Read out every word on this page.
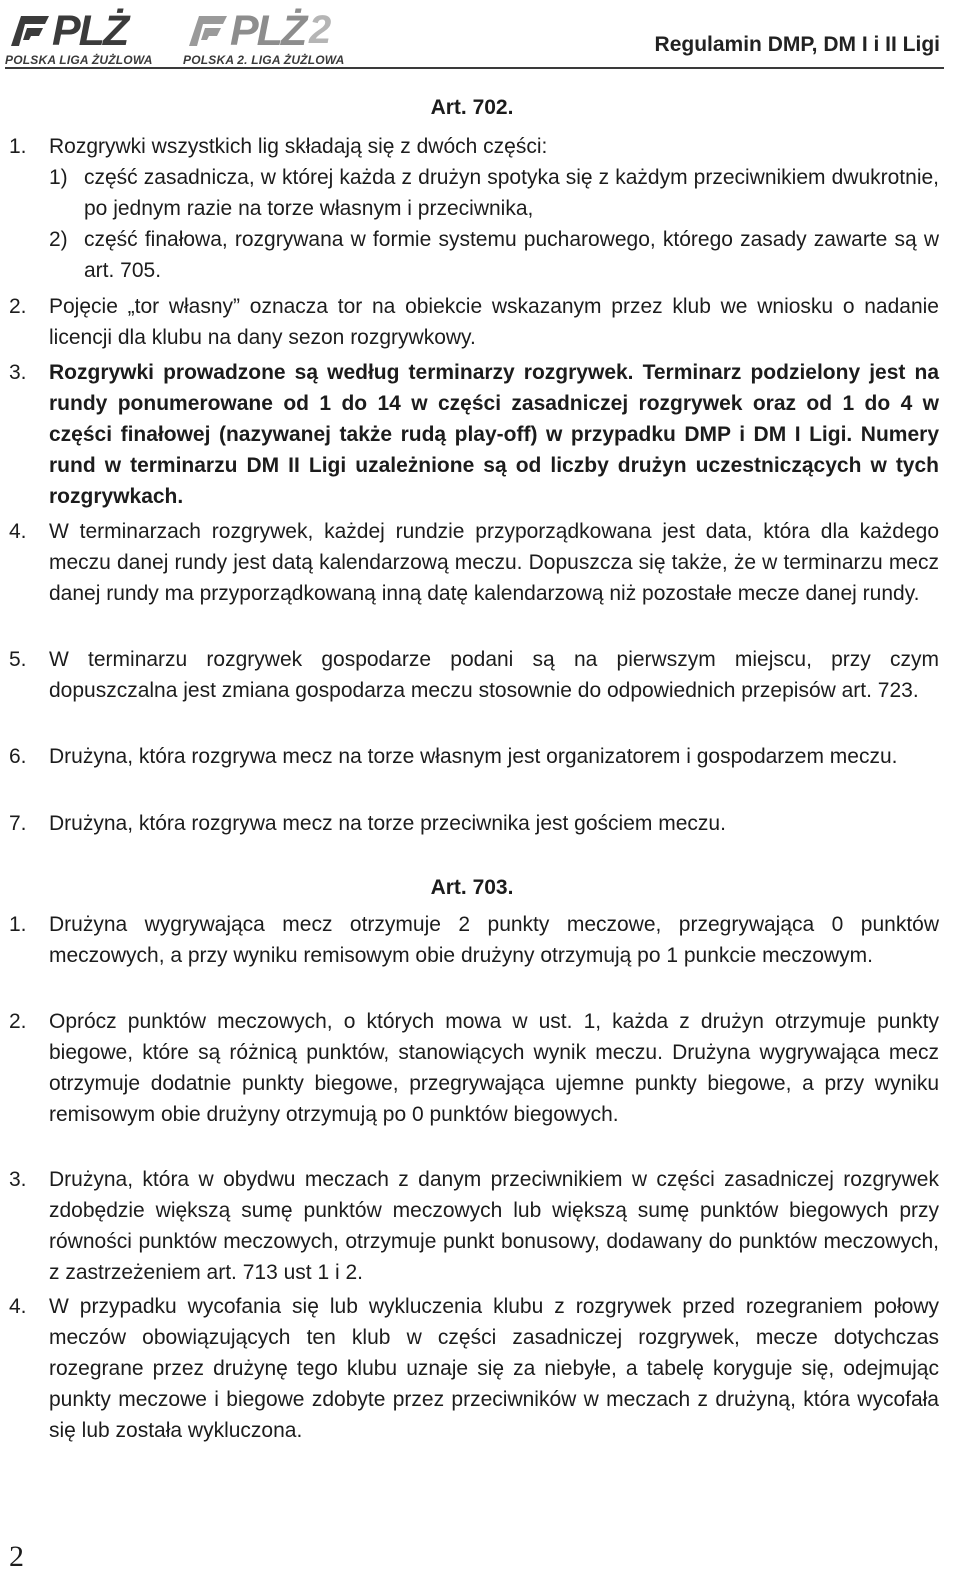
PLŻ
POLSKA LIGA ŻUŻLOWA
PLŻ 2
POLSKA 2. LIGA ŻUŻLOWA
Regulamin DMP, DM I i II Ligi
Art. 702.
1. Rozgrywki wszystkich lig składają się z dwóch części:
1) część zasadnicza, w której każda z drużyn spotyka się z każdym przeciwnikiem dwukrotnie, po jednym razie na torze własnym i przeciwnika,
2) część finałowa, rozgrywana w formie systemu pucharowego, którego zasady zawarte są w art. 705.
2. Pojęcie „tor własny” oznacza tor na obiekcie wskazanym przez klub we wniosku o nadanie licencji dla klubu na dany sezon rozgrywkowy.
3. Rozgrywki prowadzone są według terminarzy rozgrywek. Terminarz podzielony jest na rundy ponumerowane od 1 do 14 w części zasadniczej rozgrywek oraz od 1 do 4 w części finałowej (nazywanej także rudą play-off) w przypadku DMP i DM I Ligi. Numery rund w terminarzu DM II Ligi uzależnione są od liczby drużyn uczestniczących w tych rozgrywkach.
4. W terminarzach rozgrywek, każdej rundzie przyporządkowana jest data, która dla każdego meczu danej rundy jest datą kalendarzową meczu. Dopuszcza się także, że w terminarzu mecz danej rundy ma przyporządkowaną inną datę kalendarzową niż pozostałe mecze danej rundy.
5. W terminarzu rozgrywek gospodarze podani są na pierwszym miejscu, przy czym dopuszczalna jest zmiana gospodarza meczu stosownie do odpowiednich przepisów art. 723.
6. Drużyna, która rozgrywa mecz na torze własnym jest organizatorem i gospodarzem meczu.
7. Drużyna, która rozgrywa mecz na torze przeciwnika jest gościem meczu.
Art. 703.
1. Drużyna wygrywająca mecz otrzymuje 2 punkty meczowe, przegrywająca 0 punktów meczowych, a przy wyniku remisowym obie drużyny otrzymują po 1 punkcie meczowym.
2. Oprócz punktów meczowych, o których mowa w ust. 1, każda z drużyn otrzymuje punkty biegowe, które są różnicą punktów, stanowiących wynik meczu. Drużyna wygrywająca mecz otrzymuje dodatnie punkty biegowe, przegrywająca ujemne punkty biegowe, a przy wyniku remisowym obie drużyny otrzymują po 0 punktów biegowych.
3. Drużyna, która w obydwu meczach z danym przeciwnikiem w części zasadniczej rozgrywek zdobędzie większą sumę punktów meczowych lub większą sumę punktów biegowych przy równości punktów meczowych, otrzymuje punkt bonusowy, dodawany do punktów meczowych, z zastrzeżeniem art. 713 ust 1 i 2.
4. W przypadku wycofania się lub wykluczenia klubu z rozgrywek przed rozegraniem połowy meczów obowiązujących ten klub w części zasadniczej rozgrywek, mecze dotychczas rozegrane przez drużynę tego klubu uznaje się za niebyłe, a tabelę koryguje się, odejmując punkty meczowe i biegowe zdobyte przez przeciwników w meczach z drużyną, która wycofała się lub została wykluczona.
2
